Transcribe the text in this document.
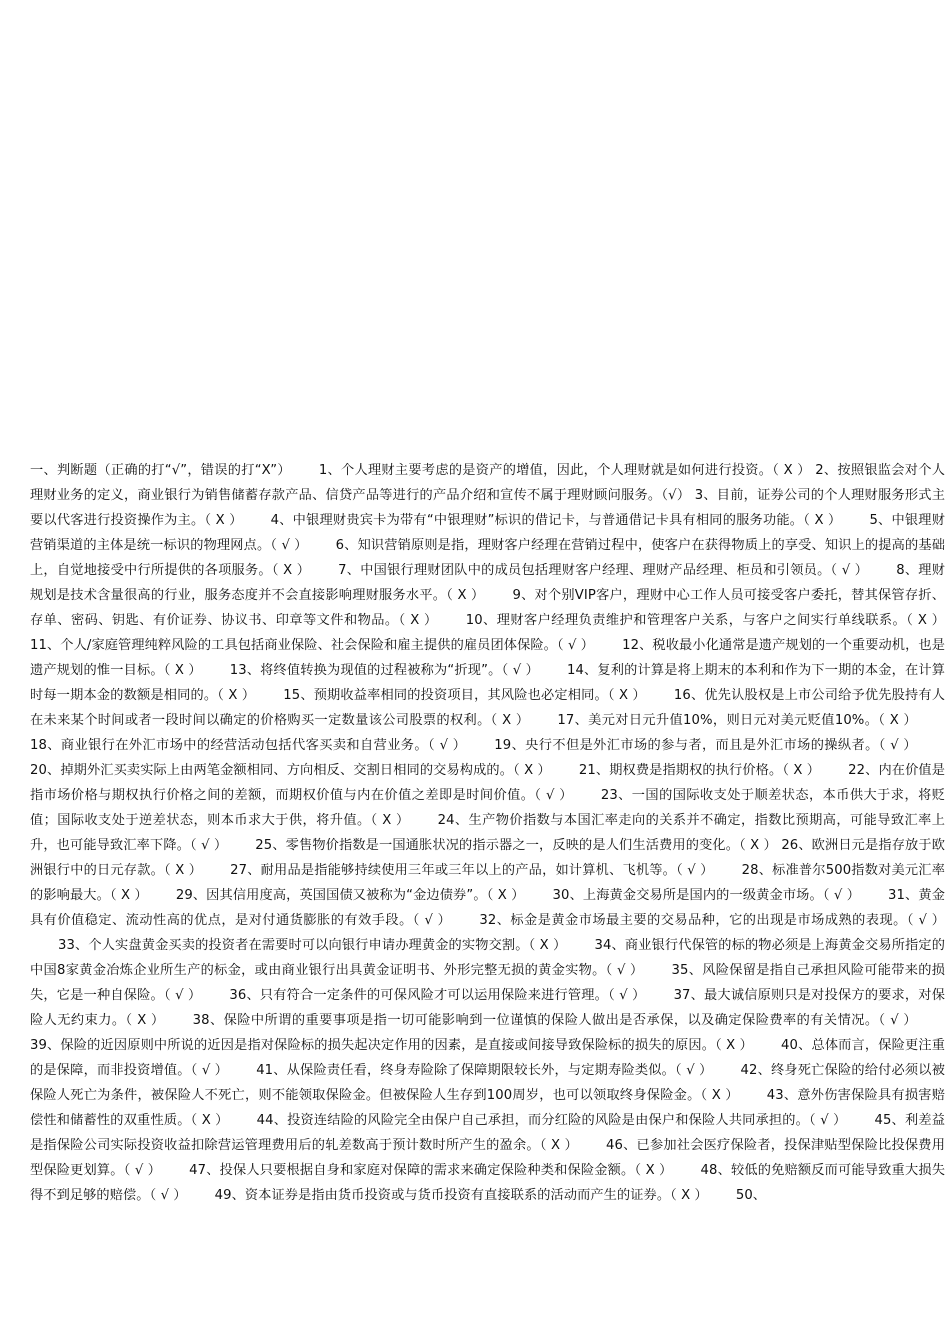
一、判断题（正确的打“√”，错误的打“X”） 1、个人理财主要考虑的是资产的增值，因此，个人理财就是如何进行投资。（ X ） 2、按照银监会对个人理财业务的定义，商业银行为销售储蓄存款产品、信贷产品等进行的产品介绍和宣传不属于理财顾问服务。（√） 3、目前，证券公司的个人理财服务形式主要以代客进行投资操作为主。（ X ） 4、中银理财贵宾卡为带有“中银理财”标识的借记卡，与普通借记卡具有相同的服务功能。（ X ） 5、中银理财营销渠道的主体是统一标识的物理网点。（ √ ） 6、知识营销原则是指，理财客户经理在营销过程中，使客户在获得物质上的享受、知识上的提高的基础上，自觉地接受中行所提供的各项服务。（ X ） 7、中国银行理财团队中的成员包括理财客户经理、理财产品经理、柜员和引领员。（ √ ） 8、理财规划是技术含量很高的行业，服务态度并不会直接影响理财服务水平。（ X ） 9、对个别VIP客户，理财中心工作人员可接受客户委托，替其保管存折、存单、密码、钥匙、有价证券、协议书、印章等文件和物品。（ X ） 10、理财客户经理负责维护和管理客户关系，与客户之间实行单线联系。（ X ） 11、个人/家庭管理纯粹风险的工具包括商业保险、社会保险和雇主提供的雇员团体保险。（ √ ） 12、税收最小化通常是遗产规划的一个重要动机，也是遗产规划的惟一目标。（ X ） 13、将终值转换为现值的过程被称为“折现”。（ √ ） 14、复利的计算是将上期末的本利和作为下一期的本金，在计算时每一期本金的数额是相同的。（ X ） 15、预期收益率相同的投资项目，其风险也必定相同。（ X ） 16、优先认股权是上市公司给予优先股持有人在未来某个时间或者一段时间以确定的价格购买一定数量该公司股票的权利。（ X ） 17、美元对日元升值10%，则日元对美元贬值10%。（ X ）18、商业银行在外汇市场中的经营活动包括代客买卖和自营业务。（ √ ） 19、央行不但是外汇市场的参与者，而且是外汇市场的操纵者。（ √ ）20、掉期外汇买卖实际上由两笔金额相同、方向相反、交割日相同的交易构成的。（ X ） 21、期权费是指期权的执行价格。（ X ） 22、内在价值是指市场价格与期权执行价格之间的差额，而期权价值与内在价值之差即是时间价值。（ √ ） 23、一国的国际收支处于顺差状态，本币供大于求，将贬值；国际收支处于逆差状态，则本币求大于供，将升值。（ X ） 24、生产物价指数与本国汇率走向的关系并不确定，指数比预期高，可能导致汇率上升，也可能导致汇率下降。（ √ ） 25、零售物价指数是一国通胀状况的指示器之一，反映的是人们生活费用的变化。（ X ） 26、欧洲日元是指存放于欧洲银行中的日元存款。（ X ） 27、耐用品是指能够持续使用三年或三年以上的产品，如计算机、飞机等。（ √ ） 28、标准普尔500指数对美元汇率的影响最大。（ X ） 29、因其信用度高，英国国债又被称为“金边债券”。（ X ） 30、上海黄金交易所是国内的一级黄金市场。（ √ ） 31、黄金具有价值稳定、流动性高的优点，是对付通货膨胀的有效手段。（ √ ） 32、标金是黄金市场最主要的交易品种，它的出现是市场成熟的表现。（ √ ）33、个人实盘黄金买卖的投资者在需要时可以向银行申请办理黄金的实物交割。（ X ） 34、商业银行代保管的标的物必须是上海黄金交易所指定的中国8家黄金冶炼企业所生产的标金，或由商业银行出具黄金证明书、外形完整无损的黄金实物。（ √ ） 35、风险保留是指自己承担风险可能带来的损失，它是一种自保险。（ √ ） 36、只有符合一定条件的可保风险才可以运用保险来进行管理。（ √ ） 37、最大诚信原则只是对投保方的要求，对保险人无约束力。（ X ） 38、保险中所谓的重要事项是指一切可能影响到一位谨慎的保险人做出是否承保，以及确定保险费率的有关情况。（ √ ）39、保险的近因原则中所说的近因是指对保险标的损失起决定作用的因素，是直接或间接导致保险标的损失的原因。（ X ） 40、总体而言，保险更注重的是保障，而非投资增值。（ √ ） 41、从保险责任看，终身寿险除了保障期限较长外，与定期寿险类似。（ √ ） 42、终身死亡保险的给付必须以被保险人死亡为条件，被保险人不死亡，则不能领取保险金。但被保险人生存到100周岁，也可以领取终身保险金。（ X ） 43、意外伤害保险具有损害赔偿性和储蓄性的双重性质。（ X ） 44、投资连结险的风险完全由保户自己承担，而分红险的风险是由保户和保险人共同承担的。（ √ ） 45、利差益是指保险公司实际投资收益扣除营运管理费用后的轧差数高于预计数时所产生的盈余。（ X ） 46、已参加社会医疗保险者，投保津贴型保险比投保费用型保险更划算。（ √ ） 47、投保人只要根据自身和家庭对保障的需求来确定保险种类和保险金额。（ X ） 48、较低的免赔额反而可能导致重大损失得不到足够的赔偿。（ √ ） 49、资本证券是指由货币投资或与货币投资有直接联系的活动而产生的证券。（ X ） 50、
